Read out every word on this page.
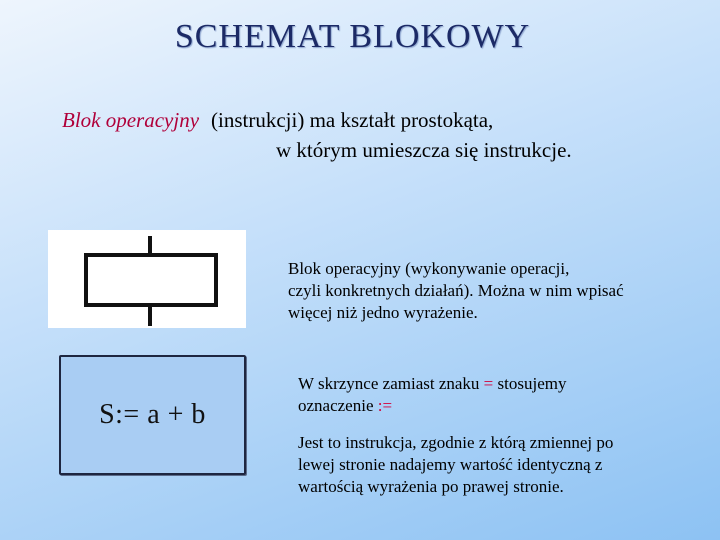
SCHEMAT BLOKOWY
Blok operacyjny (instrukcji) ma kształt prostokąta,
w którym umieszcza się instrukcje.
Blok operacyjny (wykonywanie operacji,
czyli konkretnych działań). Można w nim wpisać
więcej niż jedno wyrażenie.
S:= a + b
W skrzynce zamiast znaku = stosujemy
oznaczenie :=
Jest to instrukcja, zgodnie z którą zmiennej po
lewej stronie nadajemy wartość identyczną z
wartością wyrażenia po prawej stronie.
